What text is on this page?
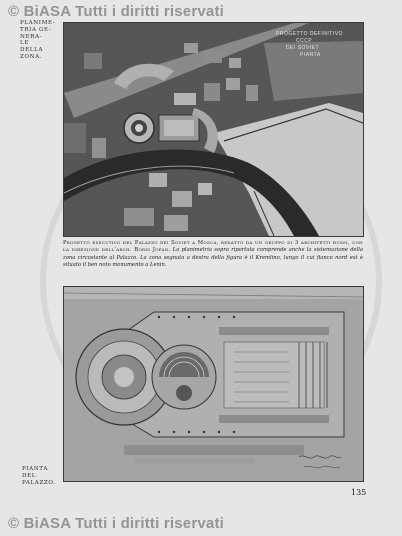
© BiASA Tutti i diritti riservati
PLANIME-
TRIA GE-
NERA-
LE DELLA
ZONA.
PROGETTO DEFINITIVO
CCCP
DEI SOVIET
PIANTA
Progetto esecutivo del Palazzo dei Soviet a Mosca, redatto da un gruppo di 3 architetti russi, con la direzione dell'arch. Boris Jofan. La planimetria sopra riportata comprende anche la sistemazione della zona circostante al Palazzo. La zona segnata a destra della figura è il Kremlino, lungo il cui fianco nord est è situato il ben noto monumento a Lenin.
PIANTA
DEL
PALAZZO.
135
© BiASA Tutti i diritti riservati
